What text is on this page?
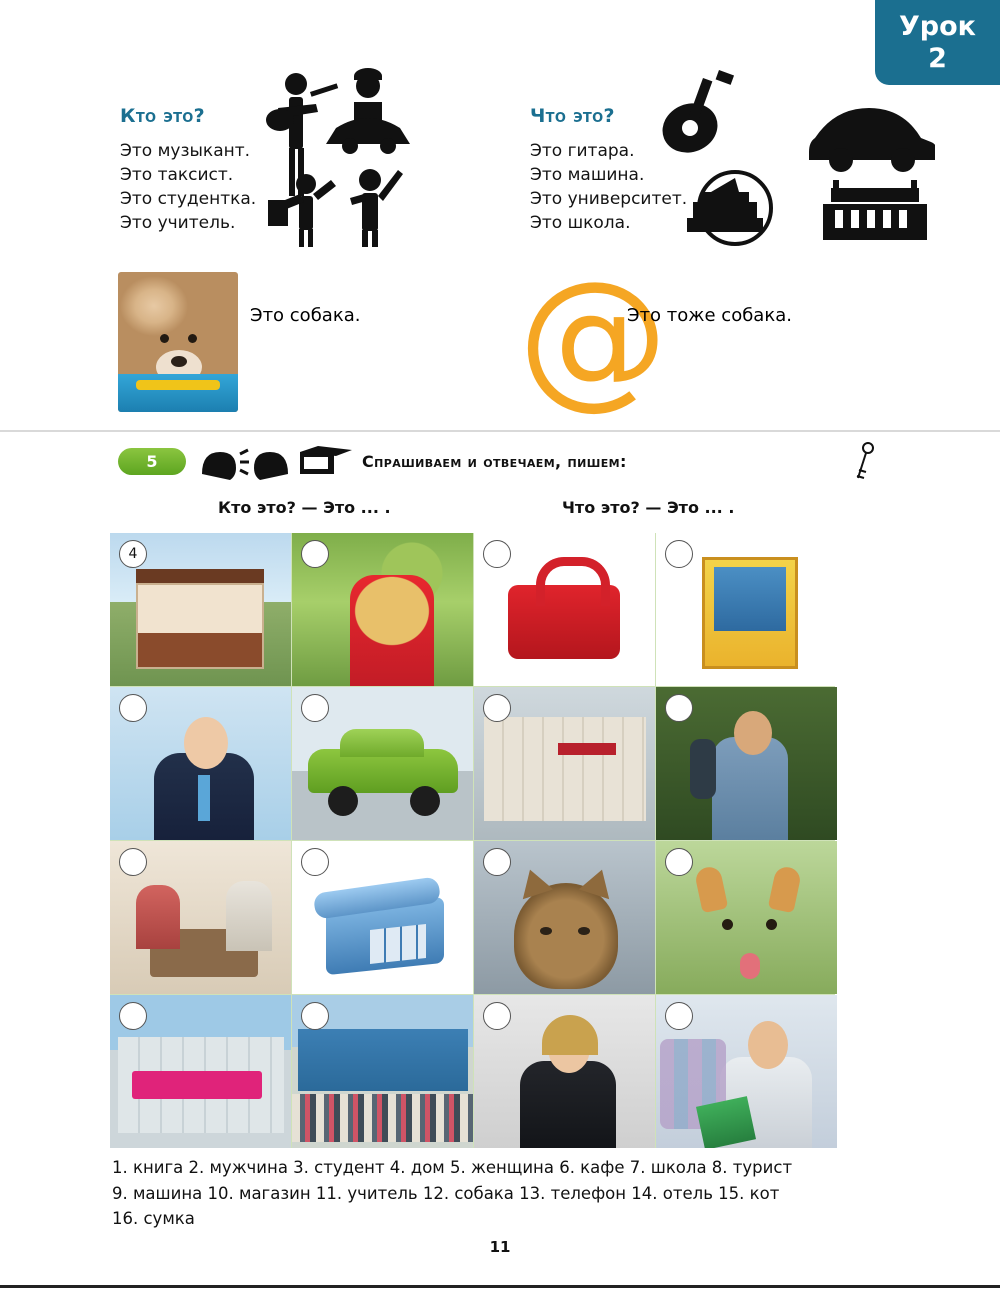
Урок
2
Кто это?
Это музыкант.
Это таксист.
Это студентка.
Это учитель.
Что это?
Это гитара.
Это машина.
Это университет.
Это школа.
Это собака. @
Это тоже собака.
5	Спрашиваем и отвечаем, пишем:
Кто это? — Это ... .	Что это? — Это ... .
4
1. книга 2. мужчина 3. студент 4. дом 5. женщина 6. кафе 7. школа 8. турист
9. машина 10. магазин 11. учитель 12. собака 13. телефон 14. отель 15. кот
16. сумка
11
